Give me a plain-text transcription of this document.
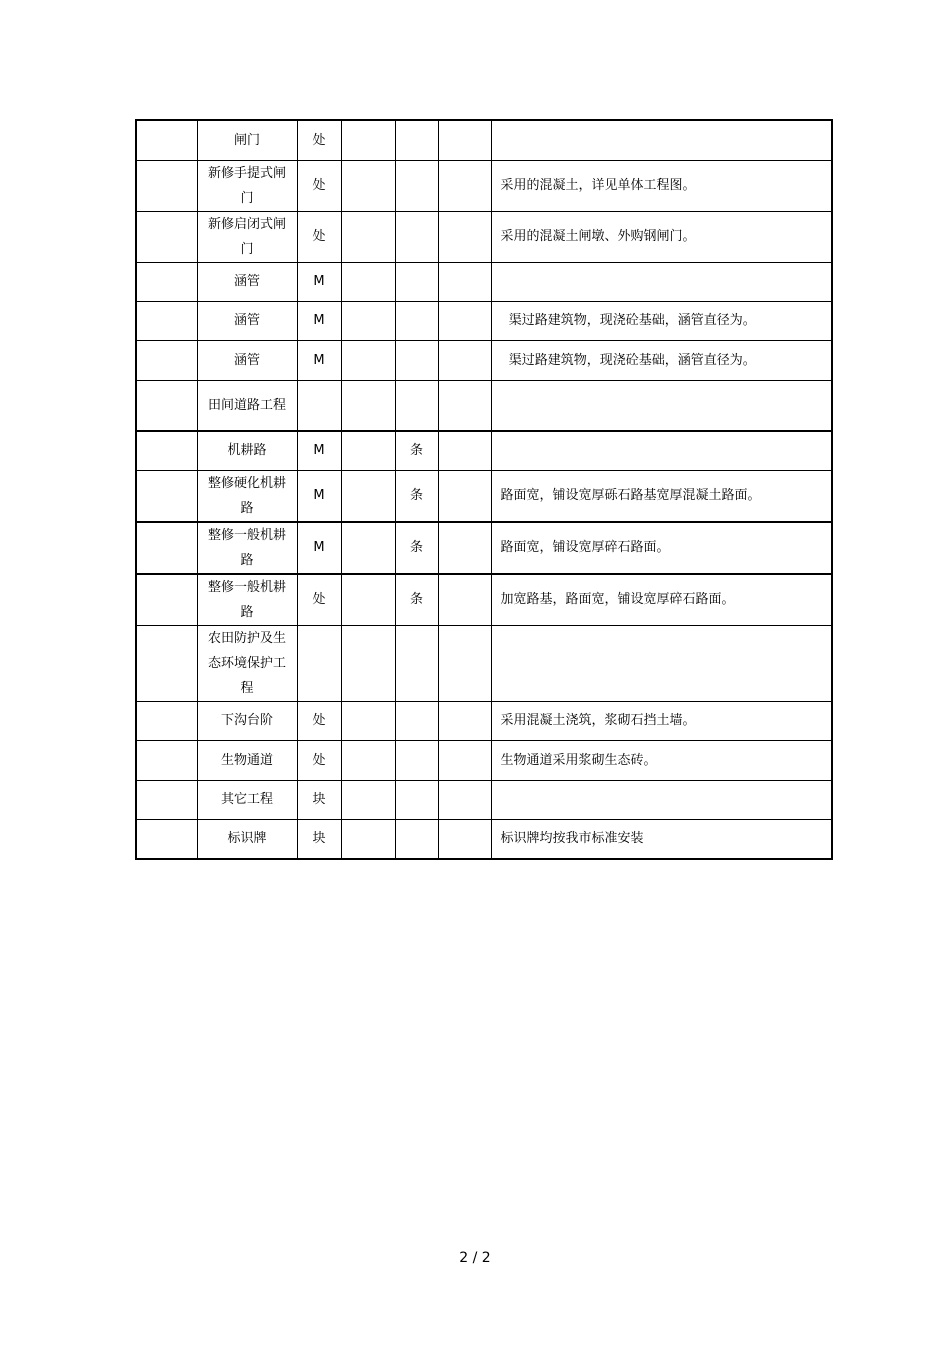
	闸门	处				
	新修手提式闸门	处				采用的混凝土，详见单体工程图。
	新修启闭式闸门	处				采用的混凝土闸墩、外购钢闸门。
	涵管	M				
	涵管	M				渠过路建筑物，现浇砼基础，涵管直径为。
	涵管	M				渠过路建筑物，现浇砼基础，涵管直径为。
	田间道路工程					
	机耕路	M		条		
	整修硬化机耕路	M		条		路面宽，铺设宽厚砾石路基宽厚混凝土路面。
	整修一般机耕路	M		条		路面宽，铺设宽厚碎石路面。
	整修一般机耕路	处		条		加宽路基，路面宽，铺设宽厚碎石路面。
	农田防护及生态环境保护工程					
	下沟台阶	处				采用混凝土浇筑，浆砌石挡土墙。
	生物通道	处				生物通道采用浆砌生态砖。
	其它工程	块				
	标识牌	块				标识牌均按我市标准安装
2 / 2
